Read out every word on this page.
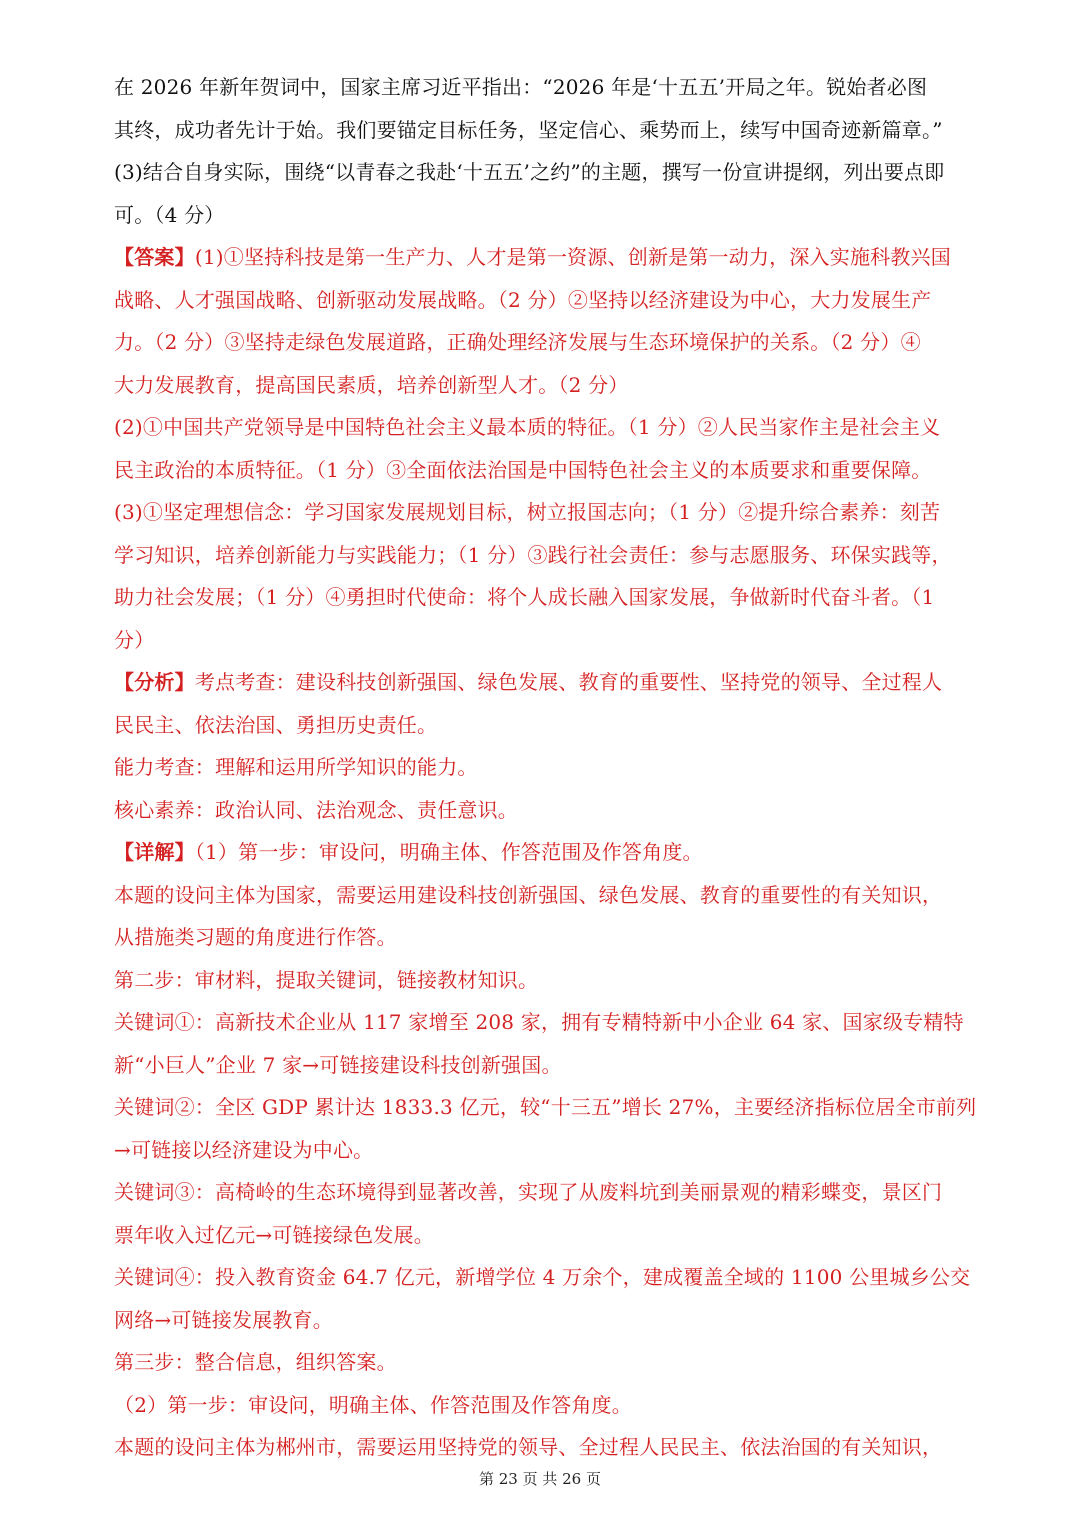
在 2026 年新年贺词中，国家主席习近平指出：“2026 年是‘十五五’开局之年。锐始者必图
其终，成功者先计于始。我们要锚定目标任务，坚定信心、乘势而上，续写中国奇迹新篇章。”
(3)结合自身实际，围绕“以青春之我赴‘十五五’之约”的主题，撰写一份宣讲提纲，列出要点即
可。（4 分）
【答案】(1)①坚持科技是第一生产力、人才是第一资源、创新是第一动力，深入实施科教兴国
战略、人才强国战略、创新驱动发展战略。（2 分）②坚持以经济建设为中心，大力发展生产
力。（2 分）③坚持走绿色发展道路，正确处理经济发展与生态环境保护的关系。（2 分）④
大力发展教育，提高国民素质，培养创新型人才。（2 分）
(2)①中国共产党领导是中国特色社会主义最本质的特征。（1 分）②人民当家作主是社会主义
民主政治的本质特征。（1 分）③全面依法治国是中国特色社会主义的本质要求和重要保障。
(3)①坚定理想信念：学习国家发展规划目标，树立报国志向；（1 分）②提升综合素养：刻苦
学习知识，培养创新能力与实践能力；（1 分）③践行社会责任：参与志愿服务、环保实践等，
助力社会发展；（1 分）④勇担时代使命：将个人成长融入国家发展，争做新时代奋斗者。（1
分）
【分析】考点考查：建设科技创新强国、绿色发展、教育的重要性、坚持党的领导、全过程人
民民主、依法治国、勇担历史责任。
能力考查：理解和运用所学知识的能力。
核心素养：政治认同、法治观念、责任意识。
【详解】（1）第一步：审设问，明确主体、作答范围及作答角度。
本题的设问主体为国家，需要运用建设科技创新强国、绿色发展、教育的重要性的有关知识，
从措施类习题的角度进行作答。
第二步：审材料，提取关键词，链接教材知识。
关键词①：高新技术企业从 117 家增至 208 家，拥有专精特新中小企业 64 家、国家级专精特
新“小巨人”企业 7 家→可链接建设科技创新强国。
关键词②：全区 GDP 累计达 1833.3 亿元，较“十三五”增长 27%，主要经济指标位居全市前列
→可链接以经济建设为中心。
关键词③：高椅岭的生态环境得到显著改善，实现了从废料坑到美丽景观的精彩蝶变，景区门
票年收入过亿元→可链接绿色发展。
关键词④：投入教育资金 64.7 亿元，新增学位 4 万余个，建成覆盖全域的 1100 公里城乡公交
网络→可链接发展教育。
第三步：整合信息，组织答案。
（2）第一步：审设问，明确主体、作答范围及作答角度。
本题的设问主体为郴州市，需要运用坚持党的领导、全过程人民民主、依法治国的有关知识，
第 23 页 共 26 页
